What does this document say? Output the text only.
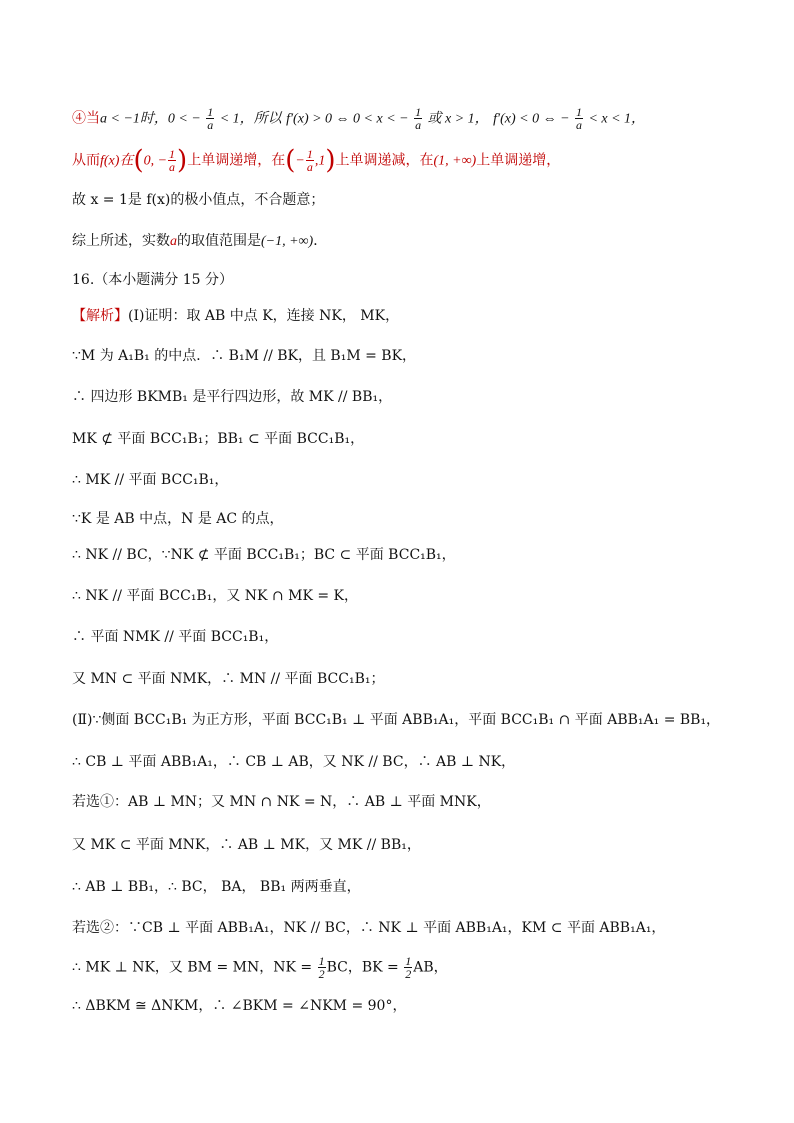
④当a < −1时，0 < − $\frac{1}{a} < 1$，所以 f′(x) > 0 ⇔ 0 < x < − $\frac{1}{a}$ 或 x > 1， f′(x) < 0 ⇔ − $\frac{1}{a} < x < 1$，
从而f(x)在(0, − $\frac{1}{a}$ )上单调递增，在(− $\frac{1}{a} ,1$)上单调递减，在(1, +∞)上单调递增，
故 x = 1是 f(x)的极小值点，不合题意；
综上所述，实数a的取值范围是(−1, +∞)．
16.（本小题满分 15 分）
【解析】(Ⅰ)证明：取 AB 中点 K，连接 NK， MK，
∵M 为 A₁B₁ 的中点．∴ B₁M // BK，且 B₁M = BK，
∴ 四边形 BKMB₁ 是平行四边形，故 MK // BB₁，
MK ⊄ 平面 BCC₁B₁；BB₁ ⊂ 平面 BCC₁B₁，
∴ MK // 平面 BCC₁B₁，
∵K 是 AB 中点，N 是 AC 的点，
∴ NK // BC，∵NK ⊄ 平面 BCC₁B₁；BC ⊂ 平面 BCC₁B₁，
∴ NK // 平面 BCC₁B₁，又 NK ∩ MK = K，
∴ 平面 NMK // 平面 BCC₁B₁，
又 MN ⊂ 平面 NMK，∴ MN // 平面 BCC₁B₁；
(Ⅱ)∵侧面 BCC₁B₁ 为正方形，平面 BCC₁B₁ ⊥ 平面 ABB₁A₁，平面 BCC₁B₁ ∩ 平面 ABB₁A₁ = BB₁，
∴ CB ⊥ 平面 ABB₁A₁，∴ CB ⊥ AB，又 NK // BC，∴ AB ⊥ NK，
若选①：AB ⊥ MN；又 MN ∩ NK = N，∴ AB ⊥ 平面 MNK，
又 MK ⊂ 平面 MNK，∴ AB ⊥ MK，又 MK // BB₁，
∴ AB ⊥ BB₁，∴ BC， BA， BB₁ 两两垂直，
若选②：∵CB ⊥ 平面 ABB₁A₁，NK // BC，∴ NK ⊥ 平面 ABB₁A₁，KM ⊂ 平面 ABB₁A₁，
∴ MK ⊥ NK，又 BM = MN，NK = $\frac{1}{2}$ BC，BK = $\frac{1}{2}$ AB，
∴ ΔBKM ≅ ΔNKM，∴ ∠BKM = ∠NKM = 90°，
